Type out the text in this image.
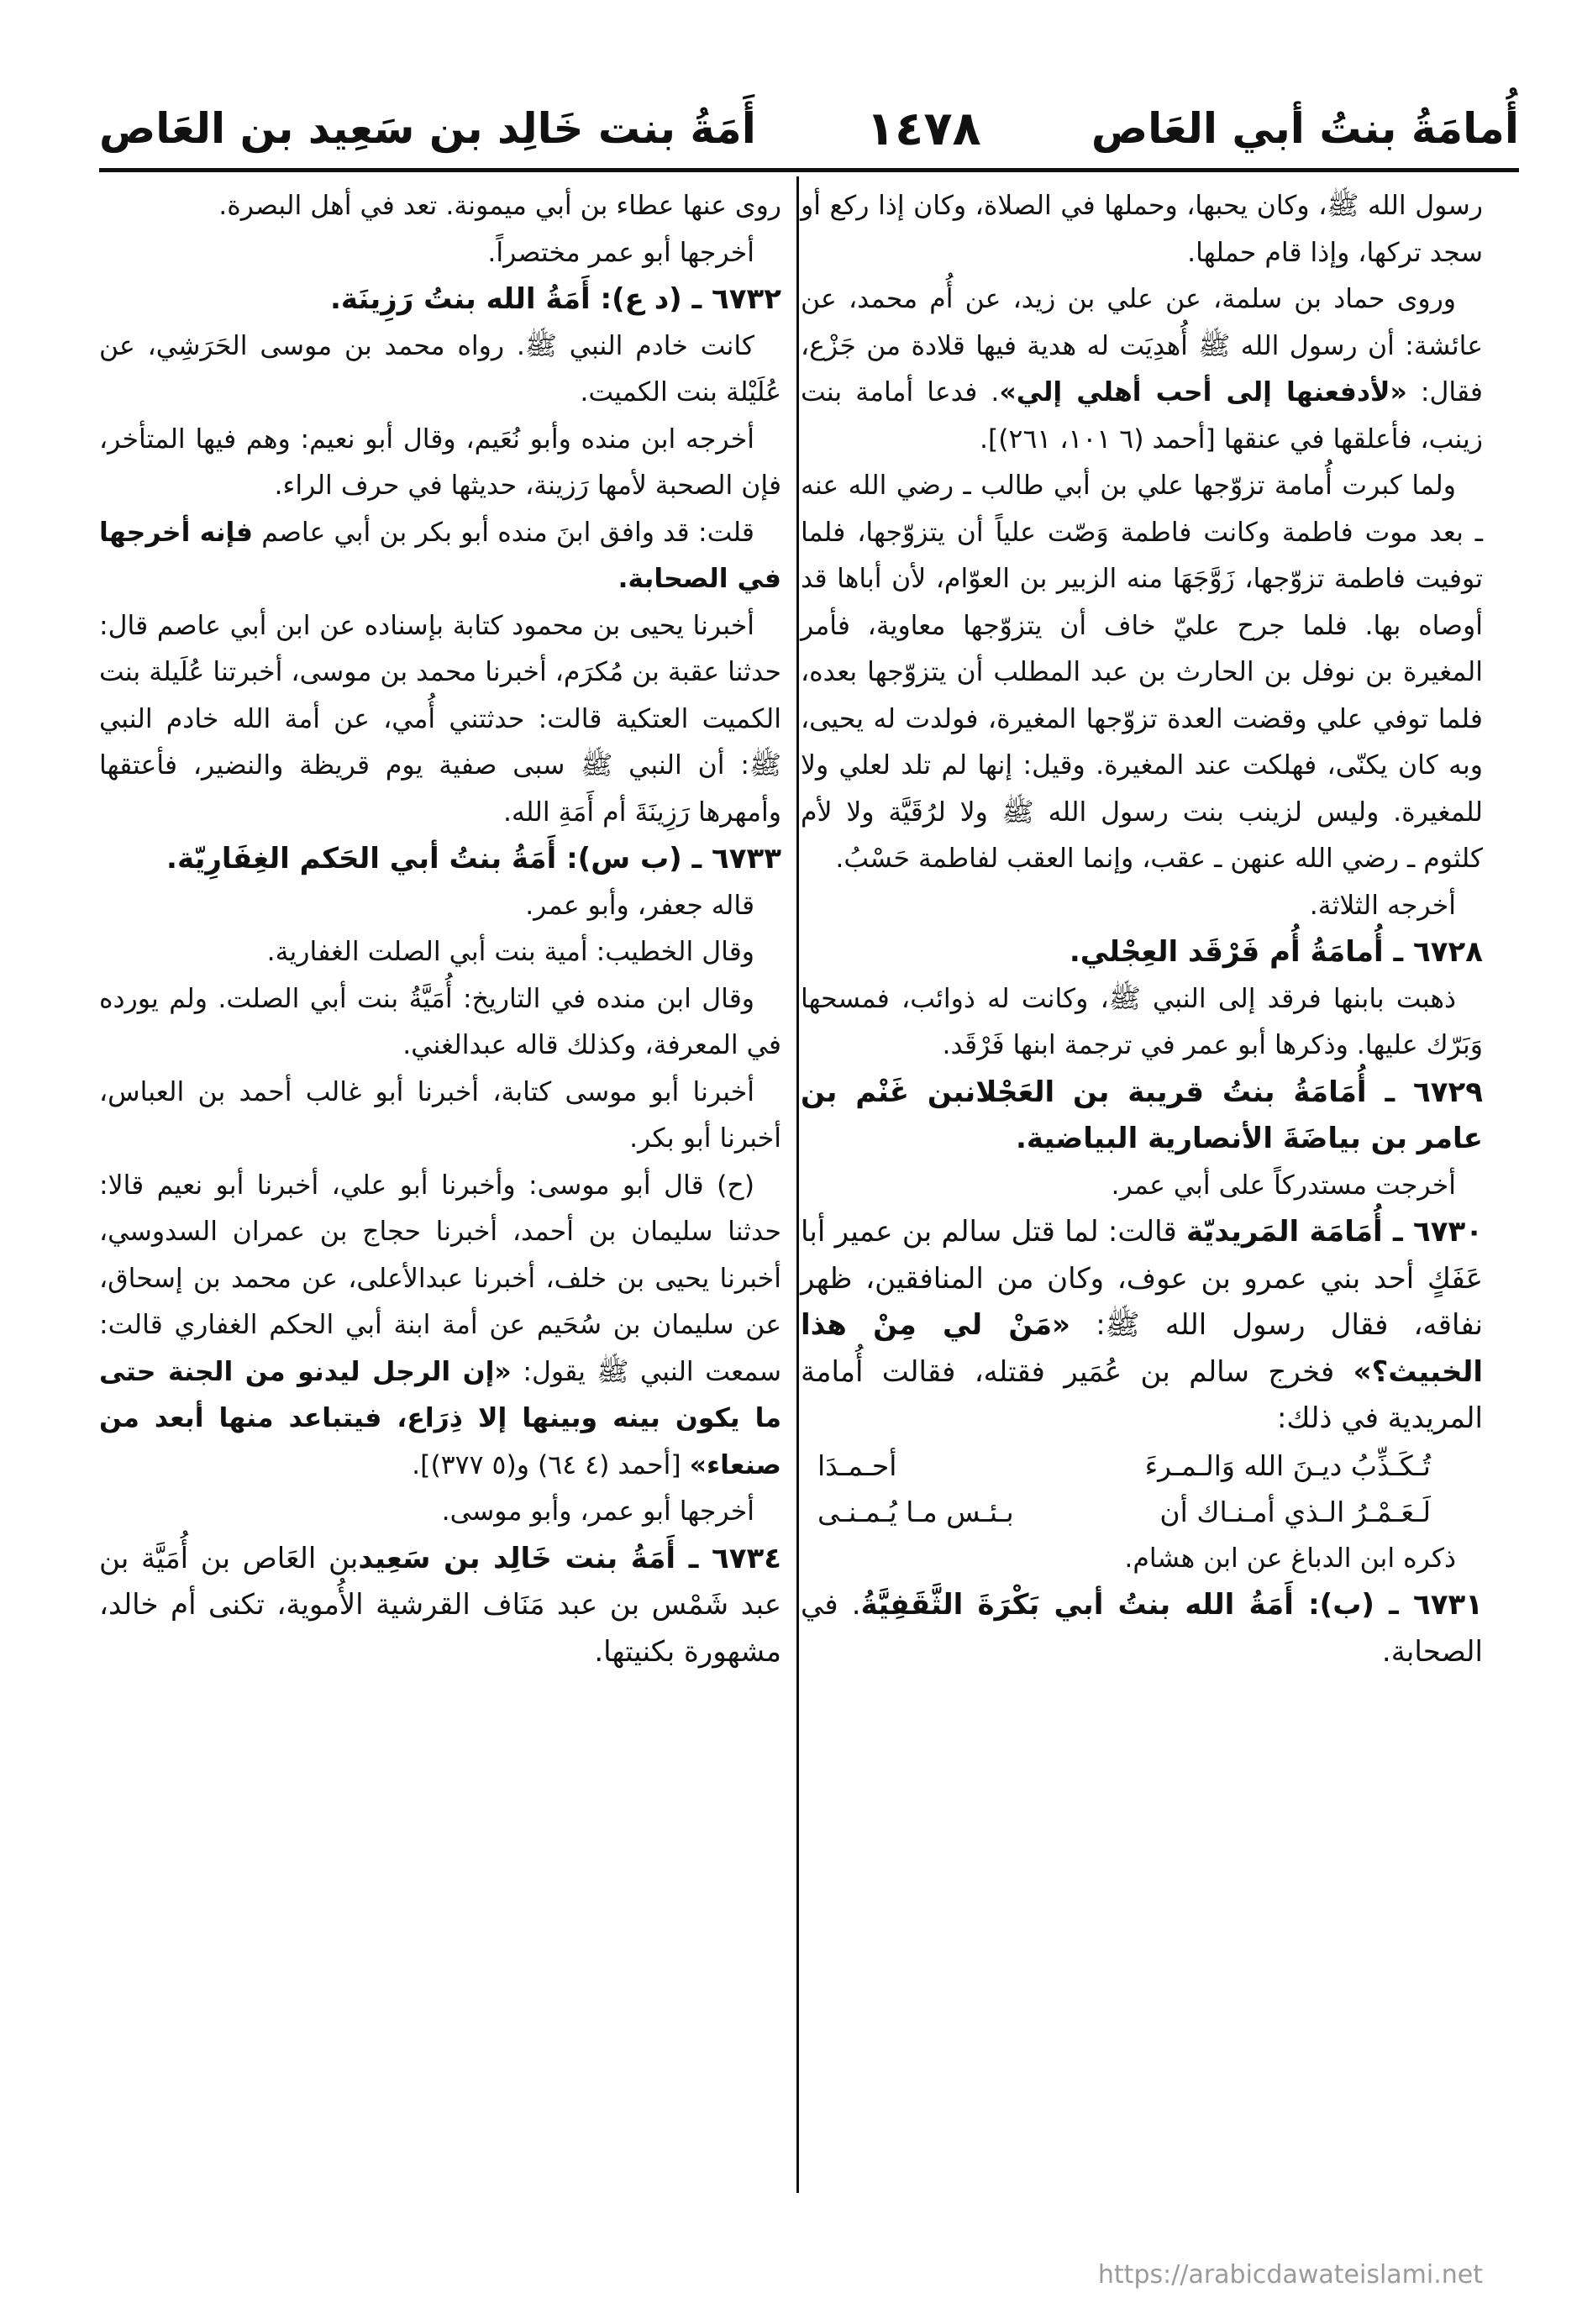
أُمامَةُ بنتُ أبي العَاص
١٤٧٨
أَمَةُ بنت خَالِد بن سَعِيد بن العَاص

رسول الله ﷺ، وكان يحبها، وحملها في الصلاة، وكان إذا ركع أو سجد تركها، وإذا قام حملها.

وروى حماد بن سلمة، عن علي بن زيد، عن أُم محمد، عن عائشة: أن رسول الله ﷺ أُهدِيَت له هدية فيها قلادة من جَزْع، فقال: «لأدفعنها إلى أحب أهلي إلي». فدعا أمامة بنت زينب، فأعلقها في عنقها [أحمد (٦ ١٠١، ٢٦١)].

ولما كبرت أُمامة تزوّجها علي بن أبي طالب ـ رضي الله عنه ـ بعد موت فاطمة وكانت فاطمة وَصّت علياً أن يتزوّجها، فلما توفيت فاطمة تزوّجها، زَوَّجَهَا منه الزبير بن العوّام، لأن أباها قد أوصاه بها. فلما جرح عليّ خاف أن يتزوّجها معاوية، فأمر المغيرة بن نوفل بن الحارث بن عبد المطلب أن يتزوّجها بعده، فلما توفي علي وقضت العدة تزوّجها المغيرة، فولدت له يحيى، وبه كان يكنّى، فهلكت عند المغيرة. وقيل: إنها لم تلد لعلي ولا للمغيرة. وليس لزينب بنت رسول الله ﷺ ولا لرُقَيَّة ولا لأم كلثوم ـ رضي الله عنهن ـ عقب، وإنما العقب لفاطمة حَسْبُ.

أخرجه الثلاثة.

٦٧٢٨ ـ أُمامَةُ أُم فَرْقَد العِجْلي.

ذهبت بابنها فرقد إلى النبي ﷺ، وكانت له ذوائب، فمسحها وَبَرّك عليها. وذكرها أبو عمر في ترجمة ابنها فَرْقَد.

٦٧٢٩ ـ أُمَامَةُ بنتُ قريبة بن العَجْلانبن غَنْم بن عامر بن بياضَةَ الأنصارية البياضية.

أخرجت مستدركاً على أبي عمر.

٦٧٣٠ ـ أُمَامَة المَريديّة قالت: لما قتل سالم بن عمير أبا عَفَكٍ أحد بني عمرو بن عوف، وكان من المنافقين، ظهر نفاقه، فقال رسول الله ﷺ: «مَنْ لي مِنْ هذا الخبيث؟» فخرج سالم بن عُمَير فقتله، فقالت أُمامة المريدية في ذلك:

تُـكَـذِّبُ ديـنَ الله وَالـمـرءَ
أحـمـدَا

لَـعَـمْـرُ الـذي أمـنـاك أن
بـئـس مـا يُـمـنـى

ذكره ابن الدباغ عن ابن هشام.

٦٧٣١ ـ (ب): أَمَةُ الله بنتُ أبي بَكْرَةَ الثَّقَفِيَّةُ. في الصحابة.

روى عنها عطاء بن أبي ميمونة. تعد في أهل البصرة.

أخرجها أبو عمر مختصراً.

٦٧٣٢ ـ (د ع): أَمَةُ الله بنتُ رَزِينَة.

كانت خادم النبي ﷺ. رواه محمد بن موسى الحَرَشِي، عن عُلَيْلة بنت الكميت.

أخرجه ابن منده وأبو نُعَيم، وقال أبو نعيم: وهم فيها المتأخر، فإن الصحبة لأمها رَزينة، حديثها في حرف الراء.

قلت: قد وافق ابنَ منده أبو بكر بن أبي عاصم فإنه أخرجها في الصحابة.

أخبرنا يحيى بن محمود كتابة بإسناده عن ابن أبي عاصم قال: حدثنا عقبة بن مُكرَم، أخبرنا محمد بن موسى، أخبرتنا عُلَيلة بنت الكميت العتكية قالت: حدثتني أُمي، عن أمة الله خادم النبي ﷺ: أن النبي ﷺ سبى صفية يوم قريظة والنضير، فأعتقها وأمهرها رَزِينَةَ أم أَمَةِ الله.

٦٧٣٣ ـ (ب س): أَمَةُ بنتُ أبي الحَكم الغِفَارِيّة.

قاله جعفر، وأبو عمر.

وقال الخطيب: أمية بنت أبي الصلت الغفارية.

وقال ابن منده في التاريخ: أُمَيَّةُ بنت أبي الصلت. ولم يورده في المعرفة، وكذلك قاله عبدالغني.

أخبرنا أبو موسى كتابة، أخبرنا أبو غالب أحمد بن العباس، أخبرنا أبو بكر.

(ح) قال أبو موسى: وأخبرنا أبو علي، أخبرنا أبو نعيم قالا: حدثنا سليمان بن أحمد، أخبرنا حجاج بن عمران السدوسي، أخبرنا يحيى بن خلف، أخبرنا عبدالأعلى، عن محمد بن إسحاق، عن سليمان بن سُحَيم عن أمة ابنة أبي الحكم الغفاري قالت: سمعت النبي ﷺ يقول: «إن الرجل ليدنو من الجنة حتى ما يكون بينه وبينها إلا ذِرَاع، فيتباعد منها أبعد من صنعاء» [أحمد (٤ ٦٤) و(٥ ٣٧٧)].

أخرجها أبو عمر، وأبو موسى.

٦٧٣٤ ـ أَمَةُ بنت خَالِد بن سَعِيدبن العَاص بن أُمَيَّة بن عبد شَمْس بن عبد مَنَاف القرشية الأُموية، تكنى أم خالد، مشهورة بكنيتها.

https://arabicdawateislami.net
